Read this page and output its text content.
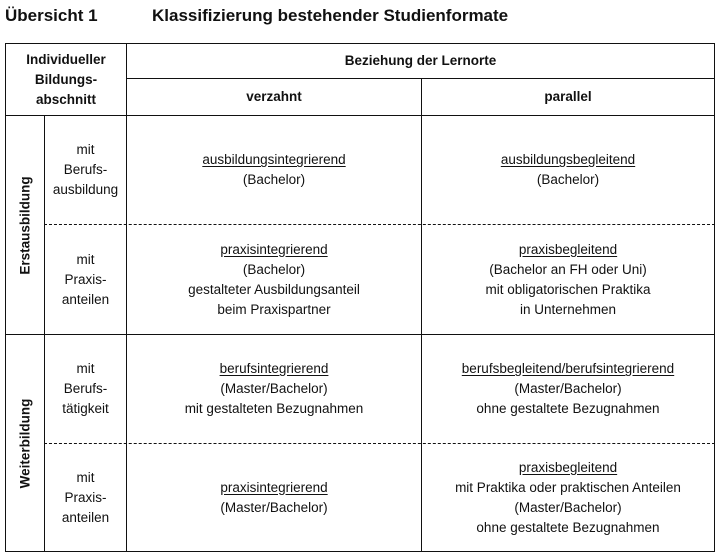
Übersicht 1	Klassifizierung bestehender Studienformate
Individueller
Bildungs-
abschnitt
Beziehung der Lernorte
verzahnt	parallel
Erstausbildung
Weiterbildung
mit
Berufs-
ausbildung
ausbildungsintegrierend
(Bachelor)
ausbildungsbegleitend
(Bachelor)
mit
Praxis-
anteilen
praxisintegrierend
(Bachelor)
gestalteter Ausbildungsanteil
beim Praxispartner
praxisbegleitend
(Bachelor an FH oder Uni)
mit obligatorischen Praktika
in Unternehmen
mit
Berufs-
tätigkeit
berufsintegrierend
(Master/Bachelor)
mit gestalteten Bezugnahmen
berufsbegleitend/berufsintegrierend
(Master/Bachelor)
ohne gestaltete Bezugnahmen
mit
Praxis-
anteilen
praxisintegrierend
(Master/Bachelor)
praxisbegleitend
mit Praktika oder praktischen Anteilen
(Master/Bachelor)
ohne gestaltete Bezugnahmen
